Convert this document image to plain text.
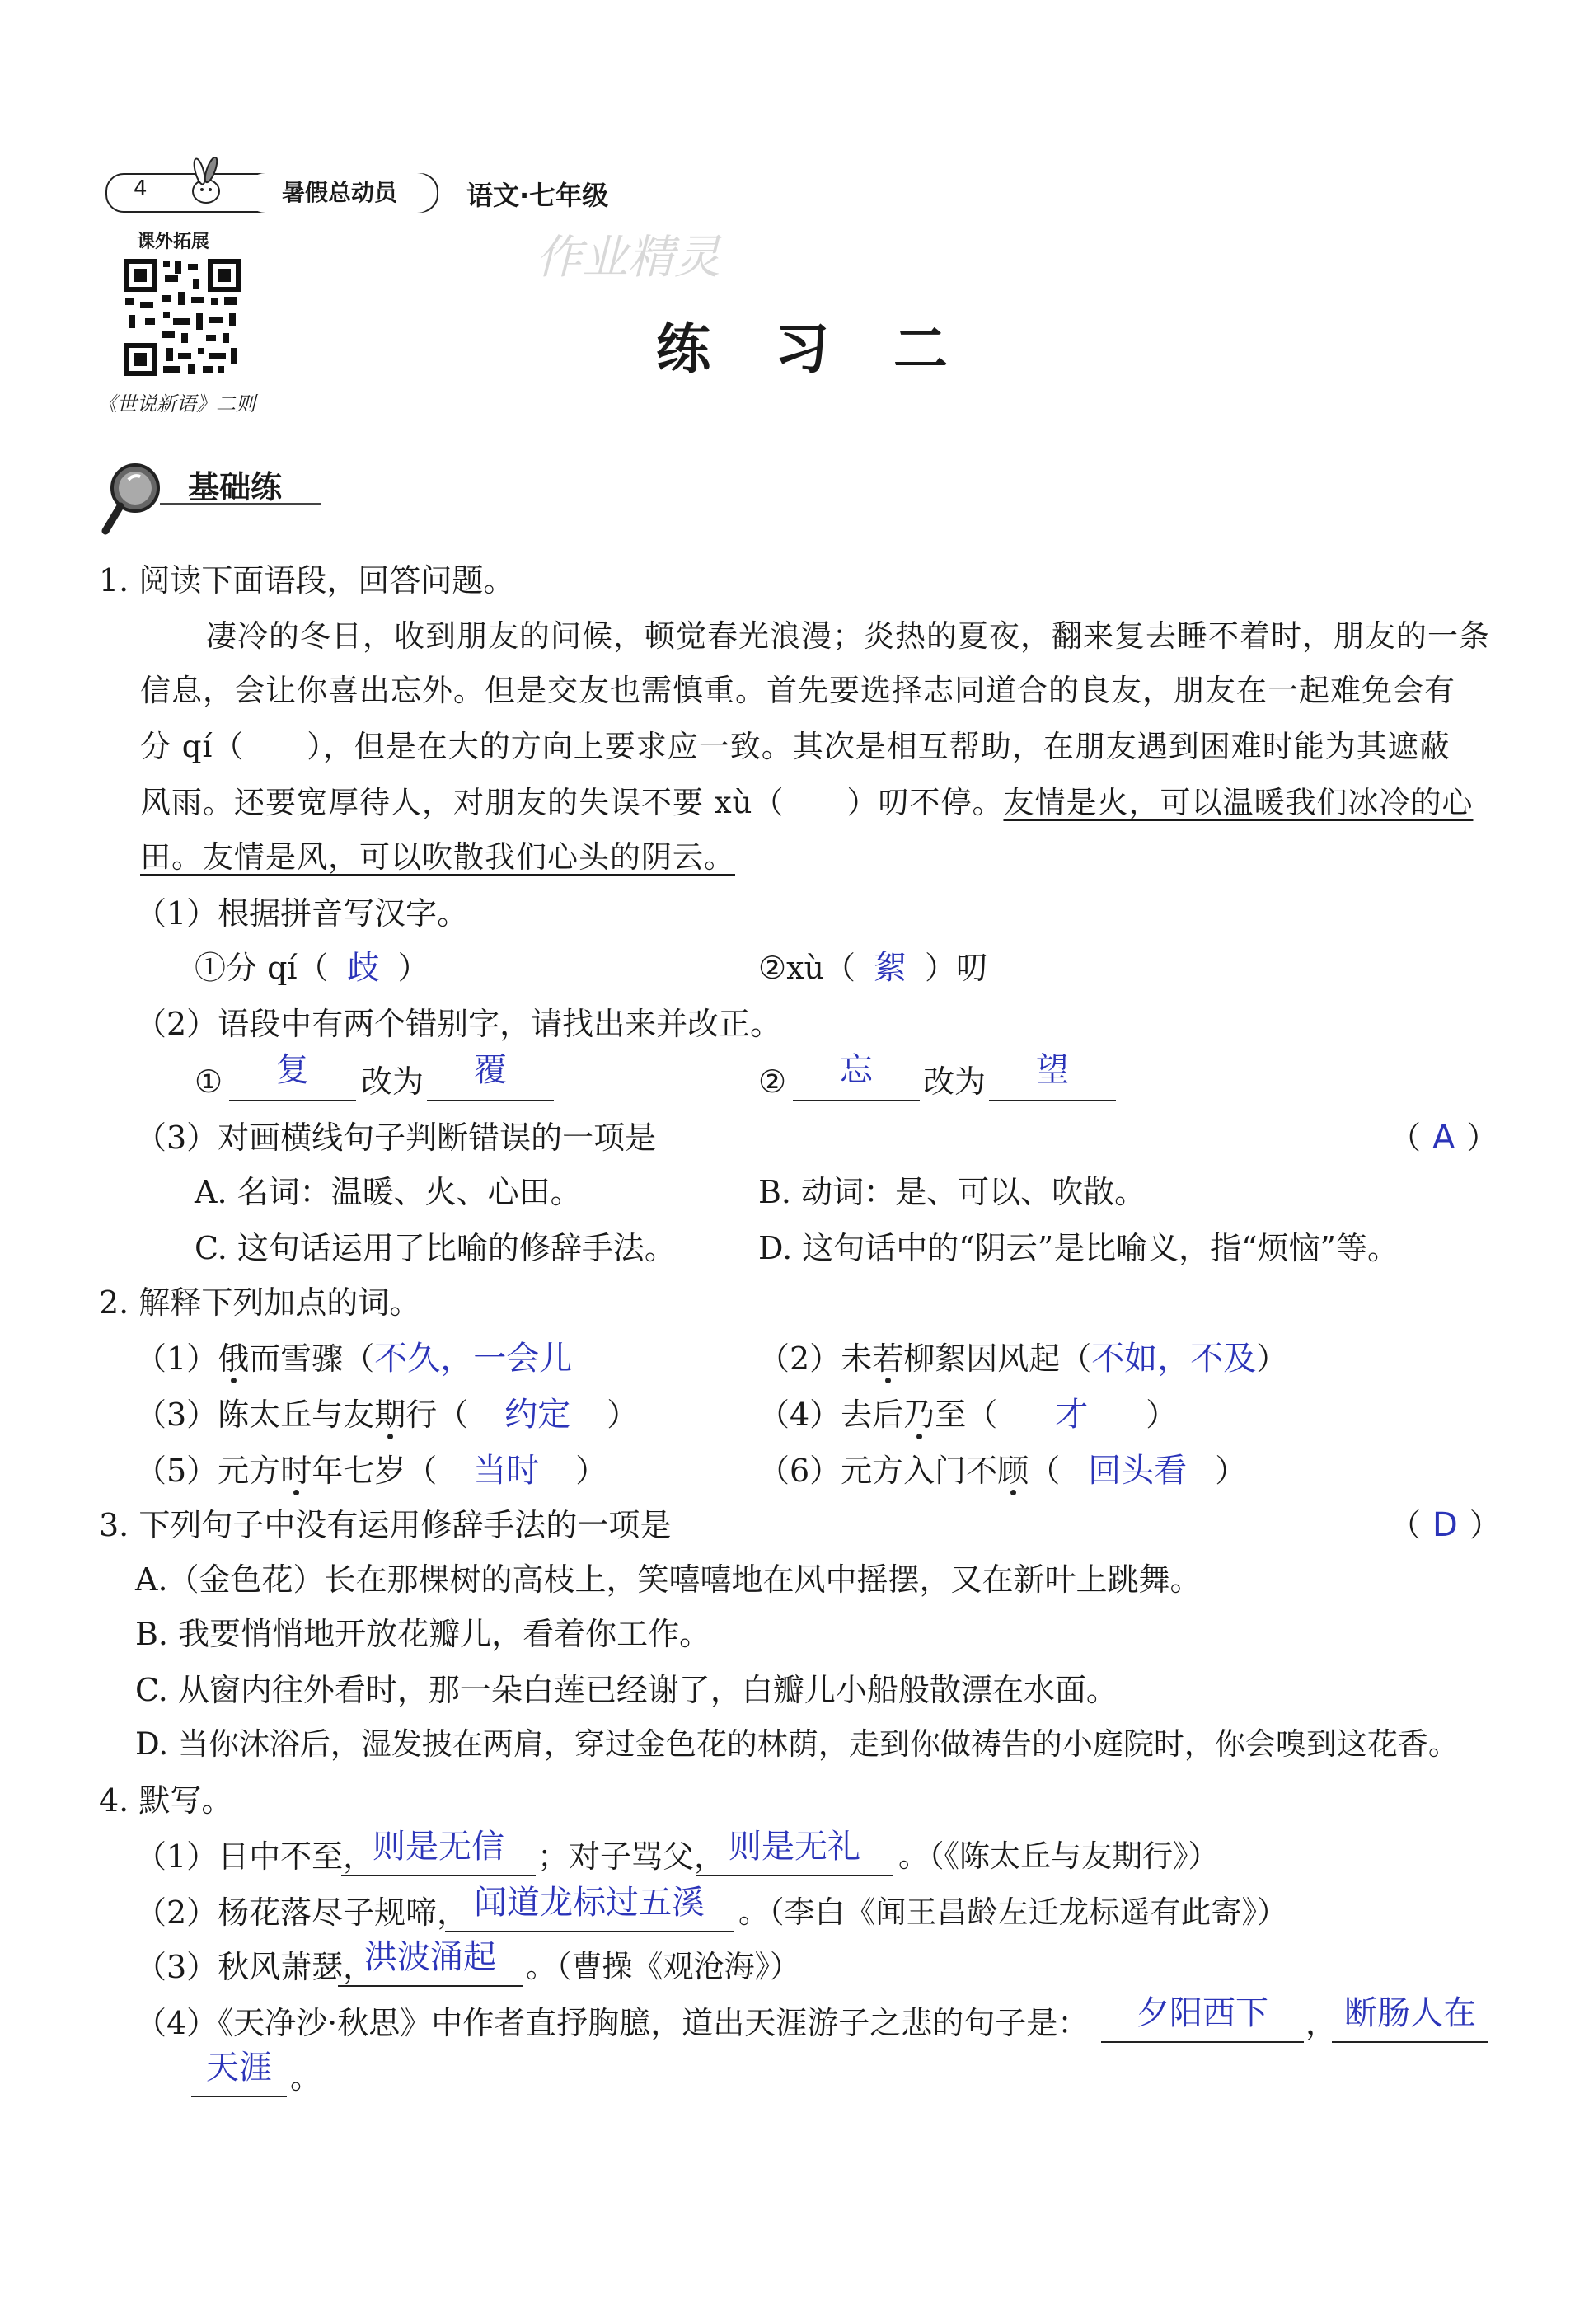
4	暑假总动员	语文·七年级
作业精灵
课外拓展
《世说新语》二则
练　习　二
基础练
1. 阅读下面语段，回答问题。
凄冷的冬日，收到朋友的问候，顿觉春光浪漫；炎热的夏夜，翻来复去睡不着时，朋友的一条
信息，会让你喜出忘外。但是交友也需慎重。首先要选择志同道合的良友，朋友在一起难免会有
分 qí（　　），但是在大的方向上要求应一致。其次是相互帮助，在朋友遇到困难时能为其遮蔽
风雨。还要宽厚待人，对朋友的失误不要 xù（　　）叨不停。友情是火，可以温暖我们冰冷的心
田。友情是风，可以吹散我们心头的阴云。
（1）根据拼音写汉字。
①分 qí（ 歧 ）	②xù（ 絮 ）叨
（2）语段中有两个错别字，请找出来并改正。
①	复	改为	覆	②	忘	改为	望
（3）对画横线句子判断错误的一项是	（ A ）
A. 名词：温暖、火、心田。	B. 动词：是、可以、吹散。
C. 这句话运用了比喻的修辞手法。	D. 这句话中的“阴云”是比喻义，指“烦恼”等。
2. 解释下列加点的词。
（1）俄而雪骤（不久，一会儿	（2）未若柳絮因风起（不如，不及）
（3）陈太丘与友期行（ 约定 ）	（4）去后乃至（ 才 ）
（5）元方时年七岁（ 当时 ）	（6）元方入门不顾（ 回头看 ）
3. 下列句子中没有运用修辞手法的一项是	（ D ）
A.（金色花）长在那棵树的高枝上，笑嘻嘻地在风中摇摆，又在新叶上跳舞。
B. 我要悄悄地开放花瓣儿，看着你工作。
C. 从窗内往外看时，那一朵白莲已经谢了，白瓣儿小船般散漂在水面。
D. 当你沐浴后，湿发披在两肩，穿过金色花的林荫，走到你做祷告的小庭院时，你会嗅到这花香。
4. 默写。
（1）日中不至，
则是无信	；对子骂父， 则是无礼	。（《陈太丘与友期行》）
（2）杨花落尽子规啼， 闻道龙标过五溪	。（李白《闻王昌龄左迁龙标遥有此寄》）
（3）秋风萧瑟，
洪波涌起 。（曹操《观沧海》）
（4）《天净沙·秋思》中作者直抒胸臆，道出天涯游子之悲的句子是：	夕阳西下	， 断肠人在
天涯 。
